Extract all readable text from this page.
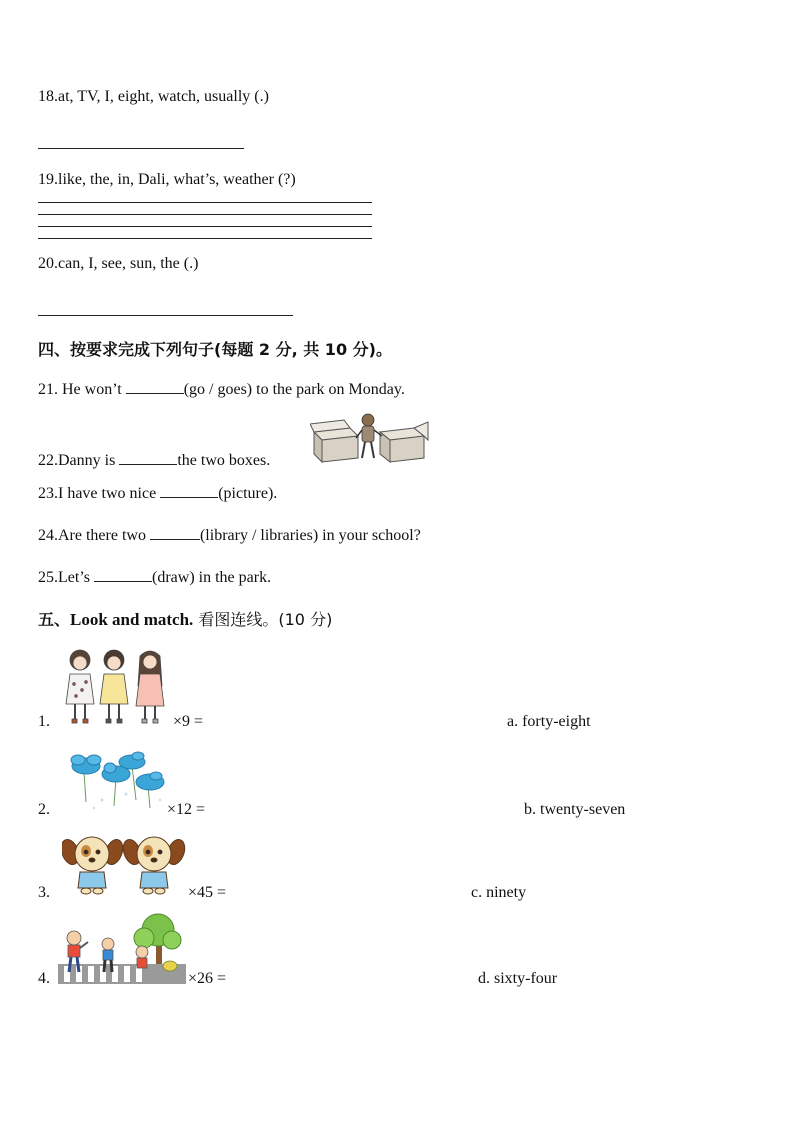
18.at, TV, I, eight, watch, usually (.)
19.like, the, in, Dali, what’s, weather (?)
20.can, I, see, sun, the (.)
四、按要求完成下列句子(每题 2 分, 共 10 分)。
21. He won’t	(go / goes) to the park on Monday.
22.Danny is	the two boxes.
23.I have two nice	(picture).
24.Are there two	(library / libraries) in your school?
25.Let’s	(draw) in the park.
五、Look and match. 看图连线。(10 分)
1.	×9 =	a. forty-eight
2.	×12 =	b. twenty-seven
3.	×45 =	c. ninety
4.	×26 =	d. sixty-four
